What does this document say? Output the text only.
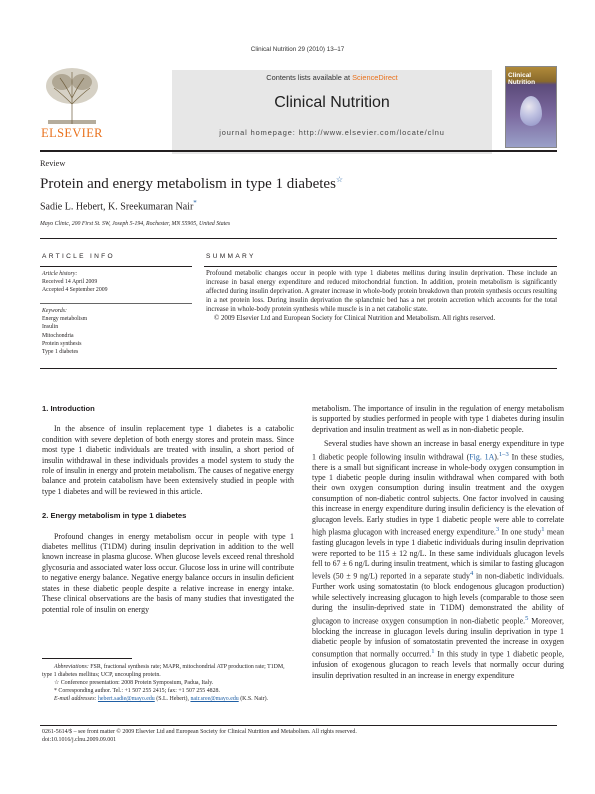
Clinical Nutrition 29 (2010) 13–17
ELSEVIER
Contents lists available at ScienceDirect
Clinical Nutrition
journal homepage: http://www.elsevier.com/locate/clnu
Clinical
Nutrition
Review
Protein and energy metabolism in type 1 diabetes☆
Sadie L. Hebert, K. Sreekumaran Nair*
Mayo Clinic, 200 First St. SW, Joseph 5-194, Rochester, MN 55905, United States
ARTICLE INFO	SUMMARY
Article history:
Received 14 April 2009
Accepted 4 September 2009
Keywords:
Energy metabolism
Insulin
Mitochondria
Protein synthesis
Type 1 diabetes
Profound metabolic changes occur in people with type 1 diabetes mellitus during insulin deprivation. These include an increase in basal energy expenditure and reduced mitochondrial function. In addition, protein metabolism is significantly affected during insulin deprivation. A greater increase in whole-body protein breakdown than protein synthesis occurs resulting in a net protein loss. During insulin deprivation the splanchnic bed has a net protein accretion which accounts for the total increase in whole-body protein synthesis while muscle is in a net catabolic state.
© 2009 Elsevier Ltd and European Society for Clinical Nutrition and Metabolism. All rights reserved.
1. Introduction
In the absence of insulin replacement type 1 diabetes is a catabolic condition with severe depletion of both energy stores and protein mass. Since most type 1 diabetic individuals are treated with insulin, a short period of insulin withdrawal in these individuals provides a model system to study the role of insulin in energy and protein metabolism. The causes of negative energy balance and protein catabolism have been extensively studied in people with type 1 diabetes and will be reviewed in this article.
2. Energy metabolism in type 1 diabetes
Profound changes in energy metabolism occur in people with type 1 diabetes mellitus (T1DM) during insulin deprivation in addition to the well known increase in plasma glucose. When glucose levels exceed renal threshold glycosuria and associated water loss occur. Glucose loss in urine will contribute to negative energy balance. Negative energy balance occurs in insulin deficient states in these diabetic people despite a relative increase in energy intake. These clinical observations are the basis of many studies that investigated the potential role of insulin on energy
Abbreviations: FSR, fractional synthesis rate; MAPR, mitochondrial ATP production rate; T1DM, type 1 diabetes mellitus; UCP, uncoupling protein.
☆ Conference presentation: 2008 Protein Symposium, Padua, Italy.
* Corresponding author. Tel.: +1 507 255 2415; fax: +1 507 255 4828.
E-mail addresses: hebert.sadie@mayo.edu (S.L. Hebert), nair.sree@mayo.edu (K.S. Nair).
metabolism. The importance of insulin in the regulation of energy metabolism is supported by studies performed in people with type 1 diabetes during insulin deprivation and insulin treatment as well as in non-diabetic people.
Several studies have shown an increase in basal energy expenditure in type 1 diabetic people following insulin withdrawal (Fig. 1A).$^{1-3}$ In these studies, there is a small but significant increase in whole-body oxygen consumption in type 1 diabetic people during insulin withdrawal when compared with both their own oxygen consumption during insulin treatment and the oxygen consumption of non-diabetic control subjects. One factor involved in causing this increase in energy expenditure during insulin deficiency is the elevation of glucagon levels. Early studies in type 1 diabetic people were able to correlate high plasma glucagon with increased energy expenditure.$^3$ In one study$^1$ mean fasting glucagon levels in type 1 diabetic individuals during insulin deprivation were reported to be 115 ± 12 ng/L. In these same individuals glucagon levels fell to 67 ± 6 ng/L during insulin treatment, which is similar to fasting glucagon levels (50 ± 9 ng/L) reported in a separate study$^4$ in non-diabetic individuals. Further work using somatostatin (to block endogenous glucagon production) while selectively increasing glucagon to high levels (comparable to those seen during the insulin-deprived state in T1DM) demonstrated the ability of glucagon to increase oxygen consumption in non-diabetic people.$^5$ Moreover, blocking the increase in glucagon levels during insulin deprivation in type 1 diabetic people by infusion of somatostatin prevented the increase in oxygen consumption that normally occurred.$^1$ In this study in type 1 diabetic people, infusion of exogenous glucagon to reach levels that normally occur during insulin deprivation resulted in an increase in energy expenditure
0261-5614/$ – see front matter © 2009 Elsevier Ltd and European Society for Clinical Nutrition and Metabolism. All rights reserved.
doi:10.1016/j.clnu.2009.09.001
